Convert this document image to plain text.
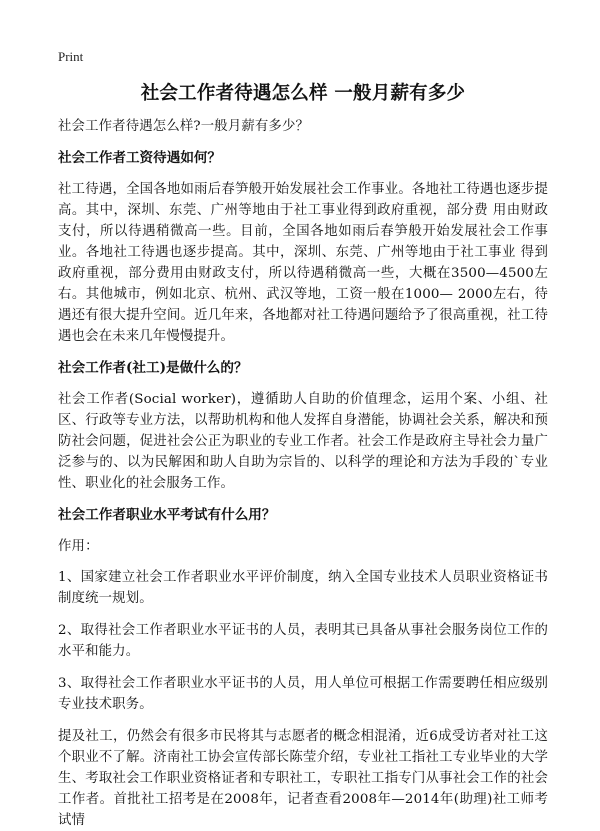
Print
社会工作者待遇怎么样 一般月薪有多少

社会工作者待遇怎么样?一般月薪有多少？

社会工作者工资待遇如何？

社工待遇，全国各地如雨后春笋般开始发展社会工作事业。各地社工待遇也逐步提高。其中，深圳、东莞、广州等地由于社工事业得到政府重视，部分费 用由财政支付，所以待遇稍微高一些。目前，全国各地如雨后春笋般开始发展社会工作事业。各地社工待遇也逐步提高。其中，深圳、东莞、广州等地由于社工事业 得到政府重视，部分费用由财政支付，所以待遇稍微高一些，大概在3500—4500左右。其他城市，例如北京、杭州、武汉等地，工资一般在1000— 2000左右，待遇还有很大提升空间。近几年来，各地都对社工待遇问题给予了很高重视，社工待遇也会在未来几年慢慢提升。

社会工作者(社工)是做什么的？

社会工作者(Social worker)，遵循助人自助的价值理念，运用个案、小组、社区、行政等专业方法，以帮助机构和他人发挥自身潜能，协调社会关系，解决和预防社会问题，促进社会公正为职业的专业工作者。社会工作是政府主导社会力量广泛参与的、以为民解困和助人自助为宗旨的、以科学的理论和方法为手段的`专业性、职业化的社会服务工作。

社会工作者职业水平考试有什么用？

作用：

1、国家建立社会工作者职业水平评价制度，纳入全国专业技术人员职业资格证书制度统一规划。

2、取得社会工作者职业水平证书的人员，表明其已具备从事社会服务岗位工作的水平和能力。

3、取得社会工作者职业水平证书的人员，用人单位可根据工作需要聘任相应级别专业技术职务。

提及社工，仍然会有很多市民将其与志愿者的概念相混淆，近6成受访者对社工这个职业不了解。济南社工协会宣传部长陈莹介绍，专业社工指社工专业毕业的大学生、考取社会工作职业资格证者和专职社工，专职社工指专门从事社会工作的社会工作者。首批社工招考是在2008年，记者查看2008年—2014年(助理)社工师考试情
